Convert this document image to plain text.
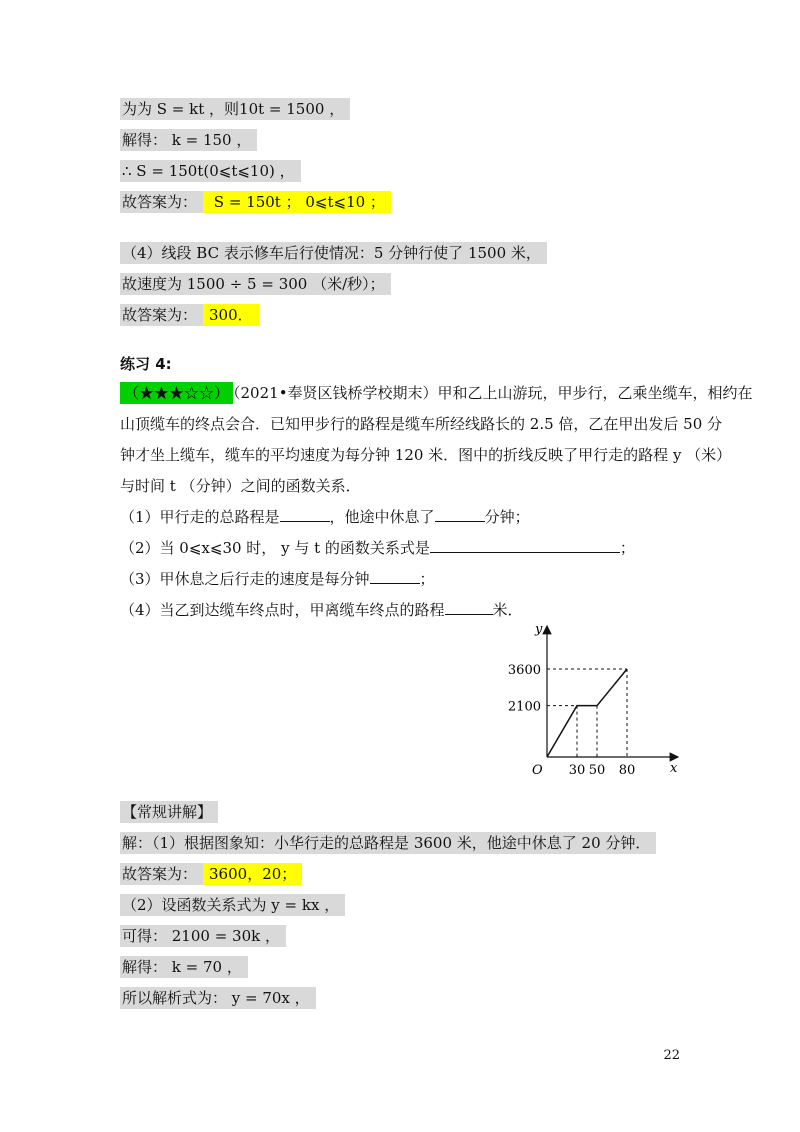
为为 S = kt ，则10t = 1500 ，
解得： k = 150 ，
∴ S = 150t(0⩽t⩽10) ，
故答案为： S = 150t ； 0⩽t⩽10 ；
（4）线段 BC 表示修车后行使情况：5 分钟行使了 1500 米，
故速度为 1500 ÷ 5 = 300 （米/秒）；
故答案为： 300．
练习 4:
（★★★☆☆） （2021•奉贤区钱桥学校期末）甲和乙上山游玩，甲步行，乙乘坐缆车，相约在
山顶缆车的终点会合．已知甲步行的路程是缆车所经线路长的 2.5 倍，乙在甲出发后 50 分
钟才坐上缆车，缆车的平均速度为每分钟 120 米．图中的折线反映了甲行走的路程 y （米）
与时间 t （分钟）之间的函数关系．
（1）甲行走的总路程是	，他途中休息了	分钟；
（2）当 0⩽x⩽30 时， y 与 t 的函数关系式是	；
（3）甲休息之后行走的速度是每分钟	；
（4）当乙到达缆车终点时，甲离缆车终点的路程	米．
y
x
O 30 50 80
3600
2100
【常规讲解】
解：（1）根据图象知：小华行走的总路程是 3600 米，他途中休息了 20 分钟．
故答案为： 3600，20；
（2）设函数关系式为 y = kx ，
可得： 2100 = 30k ，
解得： k = 70 ，
所以解析式为： y = 70x ，
22
